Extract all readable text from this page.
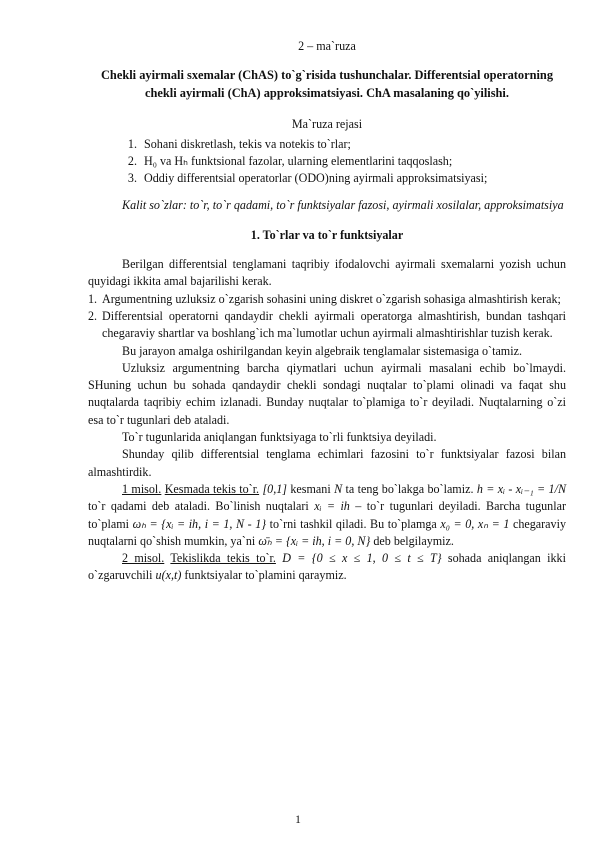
2 – ma`ruza
Chekli ayirmali sxemalar (ChAS) to`g`risida tushunchalar. Differentsial operatorning chekli ayirmali (ChA) approksimatsiyasi. ChA masalaning qo`yilishi.
Ma`ruza rejasi
1. Sohani diskretlash, tekis va notekis to`rlar;
2. H₀ va Hₕ funktsional fazolar, ularning elementlarini taqqoslash;
3. Oddiy differentsial operatorlar (ODO)ning ayirmali approksimatsiyasi;

Kalit so`zlar: to`r, to`r qadami, to`r funktsiyalar fazosi, ayirmali xosilalar, approksimatsiya

1. To`rlar va to`r funktsiyalar

Berilgan differentsial tenglamani taqribiy ifodalovchi ayirmali sxemalarni yozish uchun quyidagi ikkita amal bajarilishi kerak.

1. Argumentning uzluksiz o`zgarish sohasini uning diskret o`zgarish sohasiga almashtirish kerak;
2. Differentsial operatorni qandaydir chekli ayirmali operatorga almashtirish, bundan tashqari chegaraviy shartlar va boshlang`ich ma`lumotlar uchun ayirmali almashtirishlar tuzish kerak.

Bu jarayon amalga oshirilgandan keyin algebraik tenglamalar sistemasiga o`tamiz.

Uzluksiz argumentning barcha qiymatlari uchun ayirmali masalani echib bo`lmaydi. SHuning uchun bu sohada qandaydir chekli sondagi nuqtalar to`plami olinadi va faqat shu nuqtalarda taqribiy echim izlanadi. Bunday nuqtalar to`plamiga to`r deyiladi. Nuqtalarning o`zi esa to`r tugunlari deb ataladi.

To`r tugunlarida aniqlangan funktsiyaga to`rli funktsiya deyiladi.

Shunday qilib differentsial tenglama echimlari fazosini to`r funktsiyalar fazosi bilan almashtirdik.

1 misol. Kesmada tekis to`r. [0,1] kesmani N ta teng bo`lakga bo`lamiz. h = xᵢ - xᵢ₋₁ = 1/N to`r qadami deb ataladi. Bo`linish nuqtalari xᵢ = ih – to`r tugunlari deyiladi. Barcha tugunlar to`plami ωₕ = {xᵢ = ih, i = 1, N - 1} to`rni tashkil qiladi. Bu to`plamga x₀ = 0, xₙ = 1 chegaraviy nuqtalarni qo`shish mumkin, ya`ni ω̄ₕ = {xᵢ = ih, i = 0, N} deb belgilaymiz.

2 misol. Tekislikda tekis to`r. D = {0 ≤ x ≤ 1, 0 ≤ t ≤ T} sohada aniqlangan ikki o`zgaruvchili u(x,t) funktsiyalar to`plamini qaraymiz.

1
